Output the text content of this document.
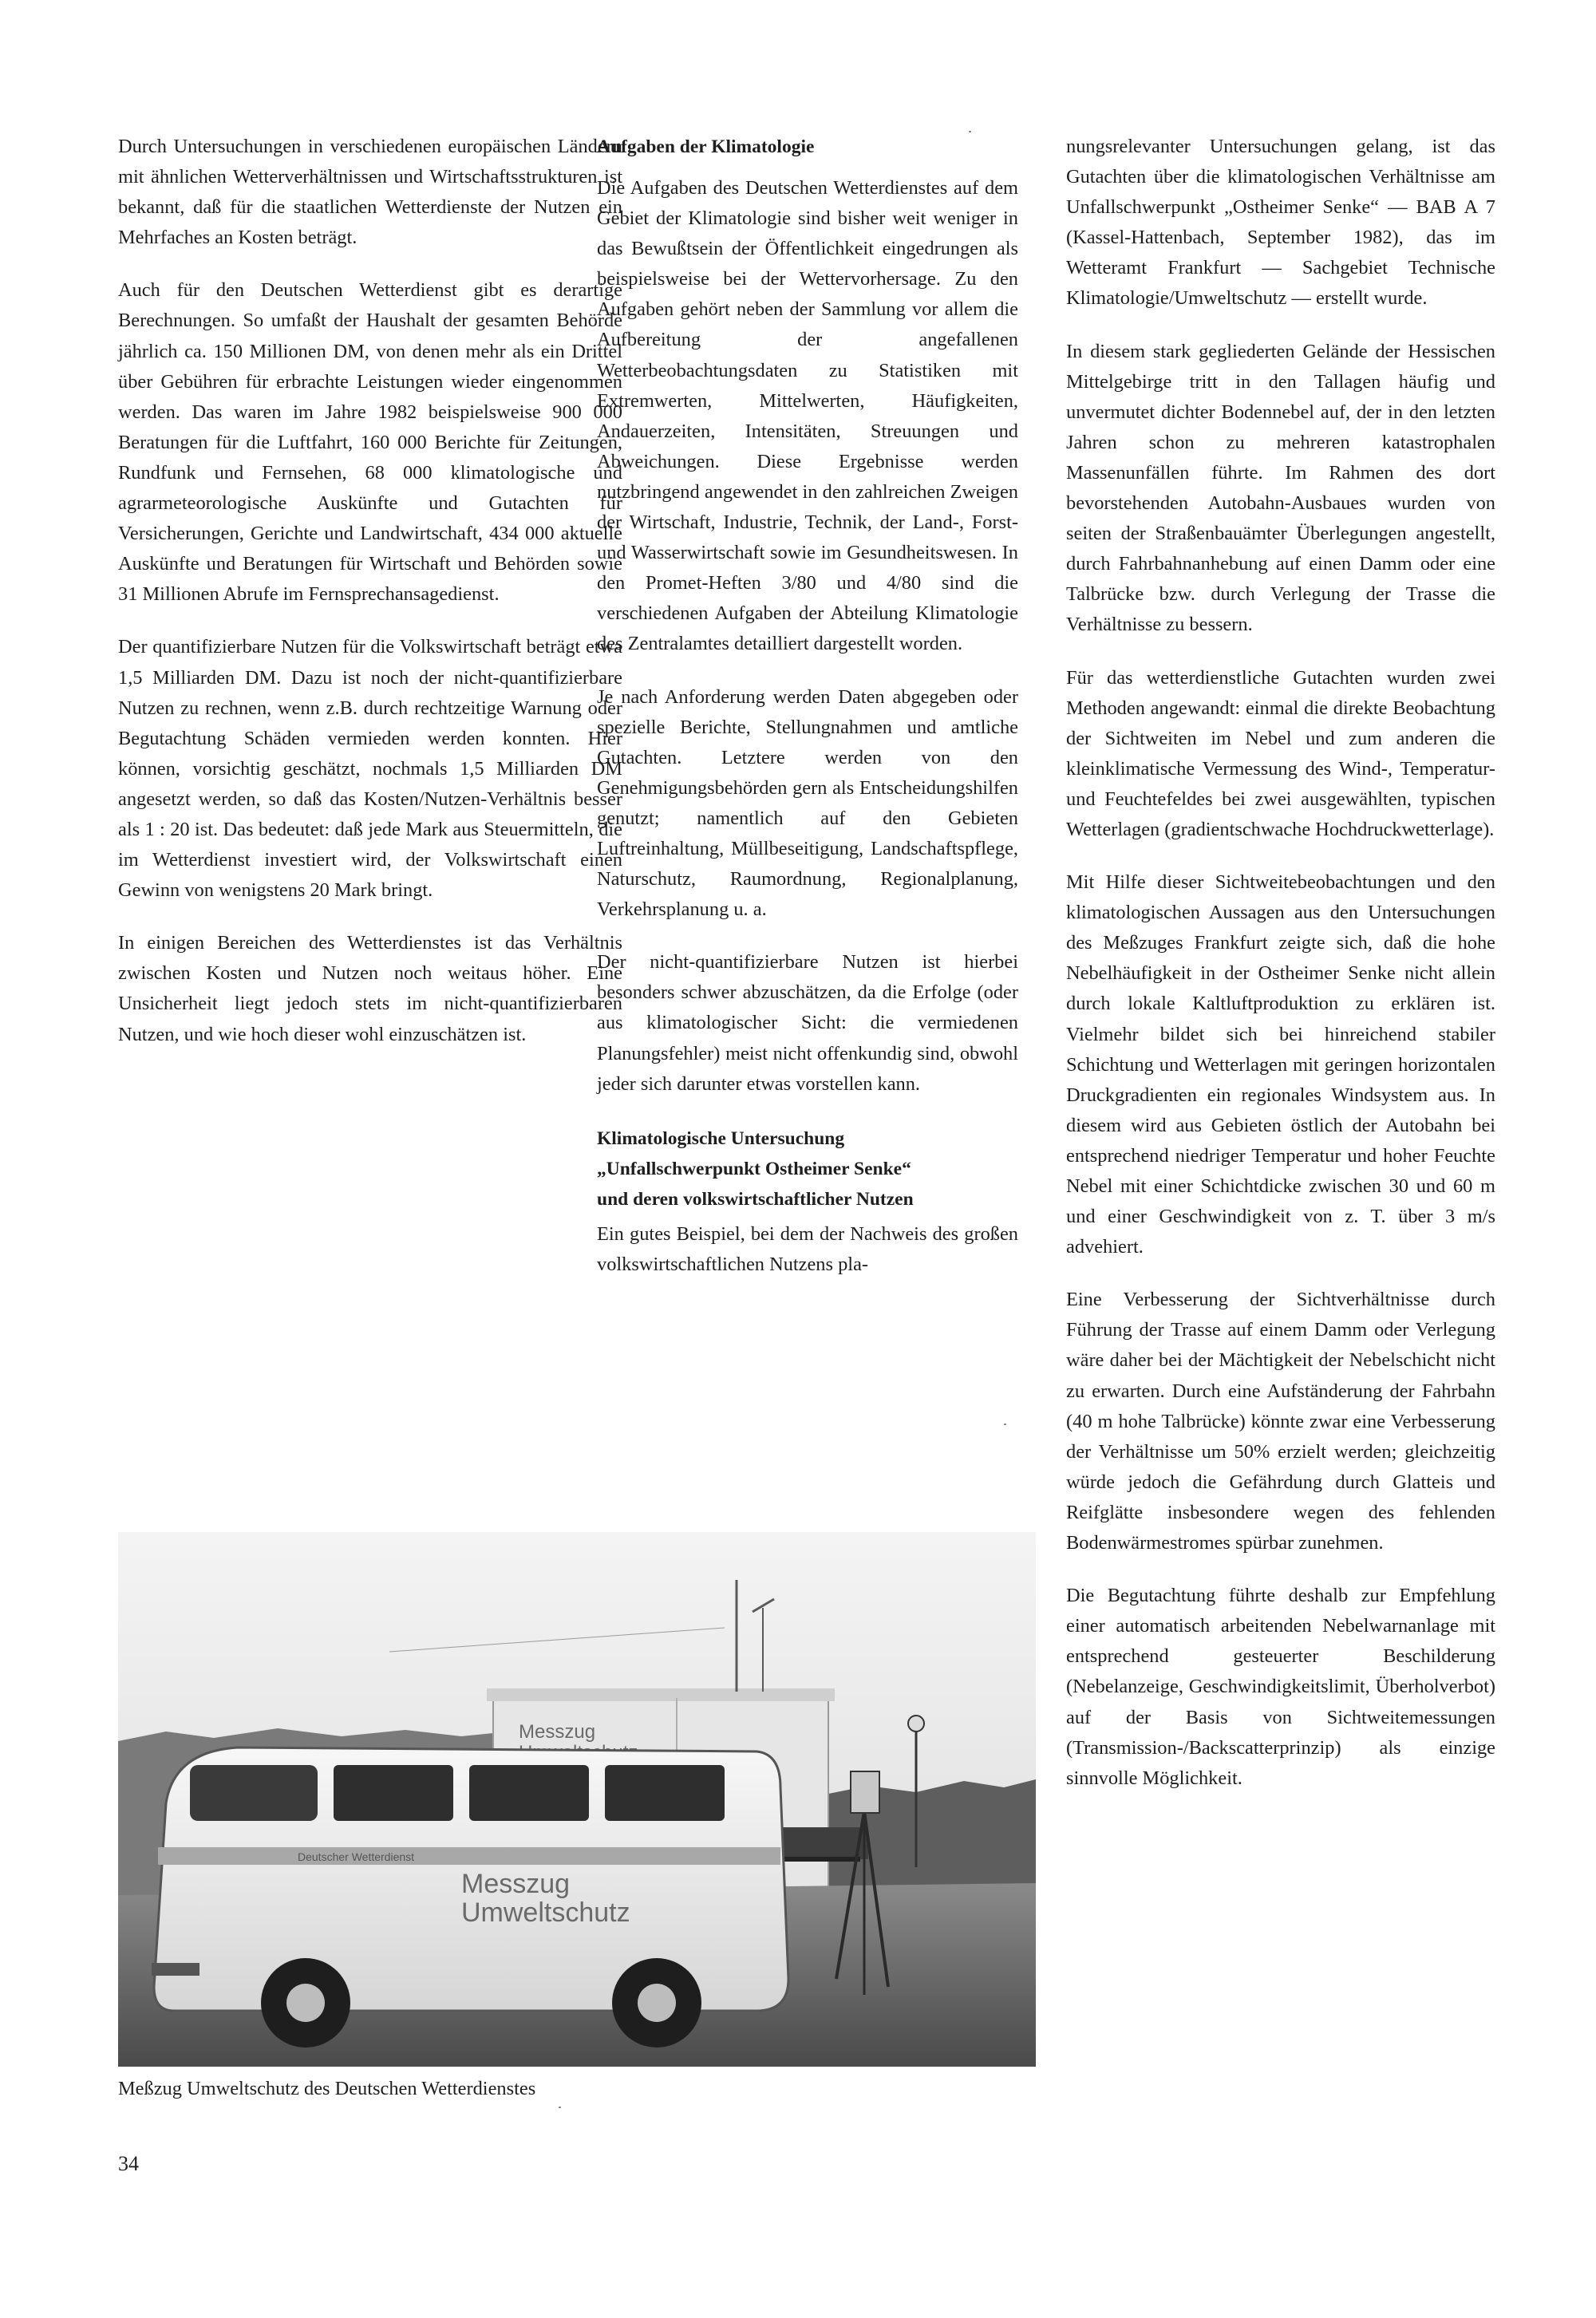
Durch Untersuchungen in verschiedenen europäischen Ländern mit ähnlichen Wetterverhältnissen und Wirtschaftsstrukturen ist bekannt, daß für die staatlichen Wetterdienste der Nutzen ein Mehrfaches an Kosten beträgt.

Auch für den Deutschen Wetterdienst gibt es derartige Berechnungen. So umfaßt der Haushalt der gesamten Behörde jährlich ca. 150 Millionen DM, von denen mehr als ein Drittel über Gebühren für erbrachte Leistungen wieder eingenommen werden. Das waren im Jahre 1982 beispielsweise 900 000 Beratungen für die Luftfahrt, 160 000 Berichte für Zeitungen, Rundfunk und Fernsehen, 68 000 klimatologische und agrarmeteorologische Auskünfte und Gutachten für Versicherungen, Gerichte und Landwirtschaft, 434 000 aktuelle Auskünfte und Beratungen für Wirtschaft und Behörden sowie 31 Millionen Abrufe im Fernsprechansagedienst.

Der quantifizierbare Nutzen für die Volkswirtschaft beträgt etwa 1,5 Milliarden DM. Dazu ist noch der nicht-quantifizierbare Nutzen zu rechnen, wenn z.B. durch rechtzeitige Warnung oder Begutachtung Schäden vermieden werden konnten. Hier können, vorsichtig geschätzt, nochmals 1,5 Milliarden DM angesetzt werden, so daß das Kosten/Nutzen-Verhältnis besser als 1 : 20 ist. Das bedeutet: daß jede Mark aus Steuermitteln, die im Wetterdienst investiert wird, der Volkswirtschaft einen Gewinn von wenigstens 20 Mark bringt.

In einigen Bereichen des Wetterdienstes ist das Verhältnis zwischen Kosten und Nutzen noch weitaus höher. Eine Unsicherheit liegt jedoch stets im nicht-quantifizierbaren Nutzen, und wie hoch dieser wohl einzuschätzen ist.

Aufgaben der Klimatologie

Die Aufgaben des Deutschen Wetterdienstes auf dem Gebiet der Klimatologie sind bisher weit weniger in das Bewußtsein der Öffentlichkeit eingedrungen als beispielsweise bei der Wettervorhersage. Zu den Aufgaben gehört neben der Sammlung vor allem die Aufbereitung der angefallenen Wetterbeobachtungsdaten zu Statistiken mit Extremwerten, Mittelwerten, Häufigkeiten, Andauerzeiten, Intensitäten, Streuungen und Abweichungen. Diese Ergebnisse werden nutzbringend angewendet in den zahlreichen Zweigen der Wirtschaft, Industrie, Technik, der Land-, Forst- und Wasserwirtschaft sowie im Gesundheitswesen. In den Promet-Heften 3/80 und 4/80 sind die verschiedenen Aufgaben der Abteilung Klimatologie des Zentralamtes detailliert dargestellt worden.

Je nach Anforderung werden Daten abgegeben oder spezielle Berichte, Stellungnahmen und amtliche Gutachten. Letztere werden von den Genehmigungsbehörden gern als Entscheidungshilfen genutzt; namentlich auf den Gebieten Luftreinhaltung, Müllbeseitigung, Landschaftspflege, Naturschutz, Raumordnung, Regionalplanung, Verkehrsplanung u. a.

Der nicht-quantifizierbare Nutzen ist hierbei besonders schwer abzuschätzen, da die Erfolge (oder aus klimatologischer Sicht: die vermiedenen Planungsfehler) meist nicht offenkundig sind, obwohl jeder sich darunter etwas vorstellen kann.

Klimatologische Untersuchung
„Unfallschwerpunkt Ostheimer Senke“
und deren volkswirtschaftlicher Nutzen

Ein gutes Beispiel, bei dem der Nachweis des großen volkswirtschaftlichen Nutzens pla-

nungsrelevanter Untersuchungen gelang, ist das Gutachten über die klimatologischen Verhältnisse am Unfallschwerpunkt „Ostheimer Senke“ — BAB A 7 (Kassel-Hattenbach, September 1982), das im Wetteramt Frankfurt — Sachgebiet Technische Klimatologie/Umweltschutz — erstellt wurde.

In diesem stark gegliederten Gelände der Hessischen Mittelgebirge tritt in den Tallagen häufig und unvermutet dichter Bodennebel auf, der in den letzten Jahren schon zu mehreren katastrophalen Massenunfällen führte. Im Rahmen des dort bevorstehenden Autobahn-Ausbaues wurden von seiten der Straßenbauämter Überlegungen angestellt, durch Fahrbahnanhebung auf einen Damm oder eine Talbrücke bzw. durch Verlegung der Trasse die Verhältnisse zu bessern.

Für das wetterdienstliche Gutachten wurden zwei Methoden angewandt: einmal die direkte Beobachtung der Sichtweiten im Nebel und zum anderen die kleinklimatische Vermessung des Wind-, Temperatur- und Feuchtefeldes bei zwei ausgewählten, typischen Wetterlagen (gradientschwache Hochdruckwetterlage).

Mit Hilfe dieser Sichtweitebeobachtungen und den klimatologischen Aussagen aus den Untersuchungen des Meßzuges Frankfurt zeigte sich, daß die hohe Nebelhäufigkeit in der Ostheimer Senke nicht allein durch lokale Kaltluftproduktion zu erklären ist. Vielmehr bildet sich bei hinreichend stabiler Schichtung und Wetterlagen mit geringen horizontalen Druckgradienten ein regionales Windsystem aus. In diesem wird aus Gebieten östlich der Autobahn bei entsprechend niedriger Temperatur und hoher Feuchte Nebel mit einer Schichtdicke zwischen 30 und 60 m und einer Geschwindigkeit von z. T. über 3 m/s advehiert.

Eine Verbesserung der Sichtverhältnisse durch Führung der Trasse auf einem Damm oder Verlegung wäre daher bei der Mächtigkeit der Nebelschicht nicht zu erwarten. Durch eine Aufständerung der Fahrbahn (40 m hohe Talbrücke) könnte zwar eine Verbesserung der Verhältnisse um 50% erzielt werden; gleichzeitig würde jedoch die Gefährdung durch Glatteis und Reifglätte insbesondere wegen des fehlenden Bodenwärmestromes spürbar zunehmen.

Die Begutachtung führte deshalb zur Empfehlung einer automatisch arbeitenden Nebelwarnanlage mit entsprechend gesteuerter Beschilderung (Nebelanzeige, Geschwindigkeitslimit, Überholverbot) auf der Basis von Sichtweitemessungen (Transmission-/Backscatterprinzip) als einzige sinnvolle Möglichkeit.

Messzug
Deutscher Wetterdienst
Messzug
Umweltschutz
Meßzug Umweltschutz des Deutschen Wetterdienstes
34
